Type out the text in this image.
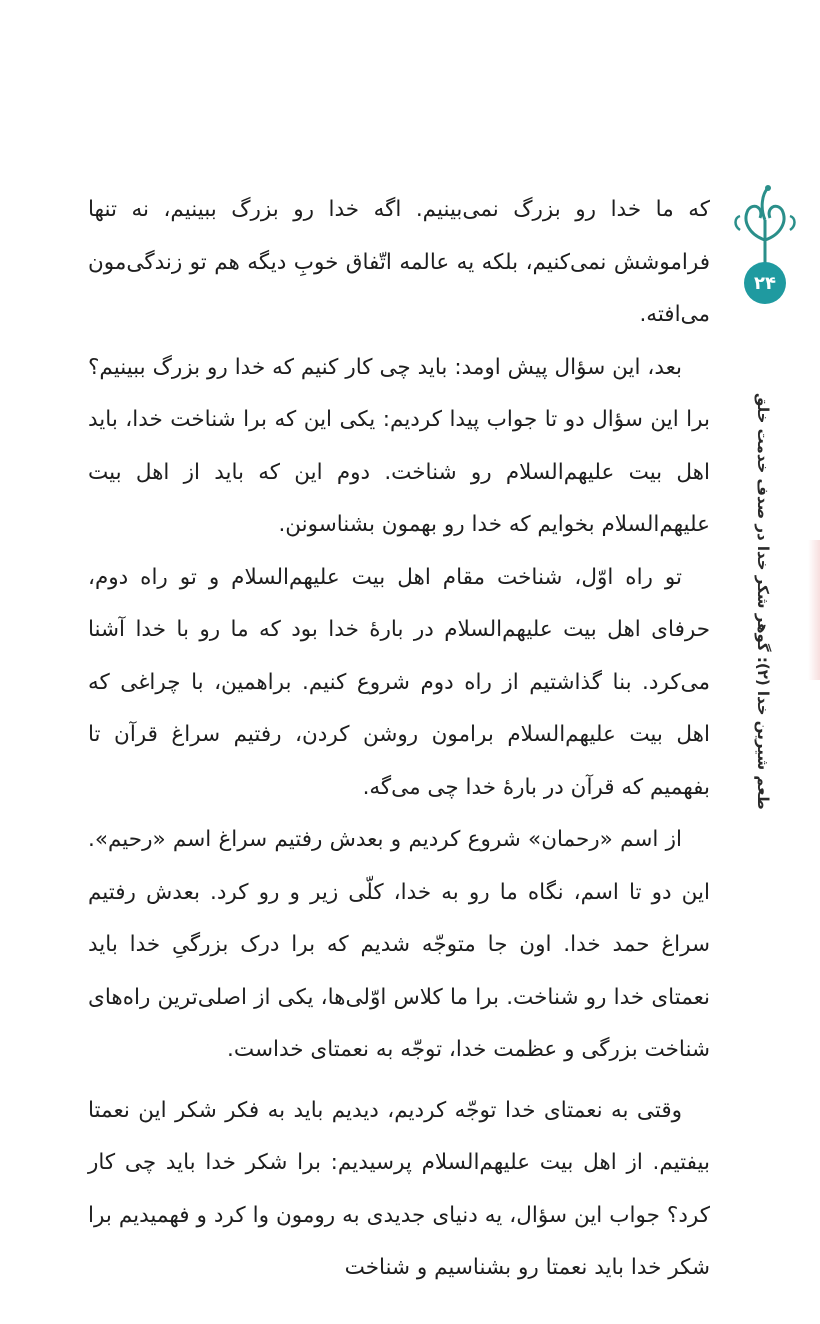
که ما خدا رو بزرگ نمی‌بینیم. اگه خدا رو بزرگ ببینیم، نه تنها فراموشش نمی‌کنیم، بلکه یه عالمه اتّفاق خوبِ دیگه هم تو زندگی‌مون می‌افته.

بعد، این سؤال پیش اومد: باید چی کار کنیم که خدا رو بزرگ ببینیم؟ برا این سؤال دو تا جواب پیدا کردیم: یکی این که برا شناخت خدا، باید اهل بیت علیهم‌السلام رو شناخت. دوم این که باید از اهل بیت علیهم‌السلام بخوایم که خدا رو بهمون بشناسونن.

تو راه اوّل، شناخت مقام اهل بیت علیهم‌السلام و تو راه دوم، حرفای اهل بیت علیهم‌السلام در بارهٔ خدا بود که ما رو با خدا آشنا می‌کرد. بنا گذاشتیم از راه دوم شروع کنیم. براهمین، با چراغی که اهل بیت علیهم‌السلام برامون روشن کردن، رفتیم سراغ قرآن تا بفهمیم که قرآن در بارهٔ خدا چی می‌گه.

از اسم «رحمان» شروع کردیم و بعدش رفتیم سراغ اسم «رحیم». این دو تا اسم، نگاه ما رو به خدا، کلّی زیر و رو کرد. بعدش رفتیم سراغ حمد خدا. اون جا متوجّه شدیم که برا درک بزرگیِ خدا باید نعمتای خدا رو شناخت. برا ما کلاس اوّلی‌ها، یکی از اصلی‌ترین راه‌های شناخت بزرگی و عظمت خدا، توجّه به نعمتای خداست.

وقتی به نعمتای خدا توجّه کردیم، دیدیم باید به فکر شکر این نعمتا بیفتیم. از اهل بیت علیهم‌السلام پرسیدیم: برا شکر خدا باید چی کار کرد؟ جواب این سؤال، یه دنیای جدیدی به رومون وا کرد و فهمیدیم برا شکر خدا باید نعمتا رو بشناسیم و شناخت

۲۴
طعم شیرین خدا (۲): گوهر شکر خدا در صدف خدمت خلق
